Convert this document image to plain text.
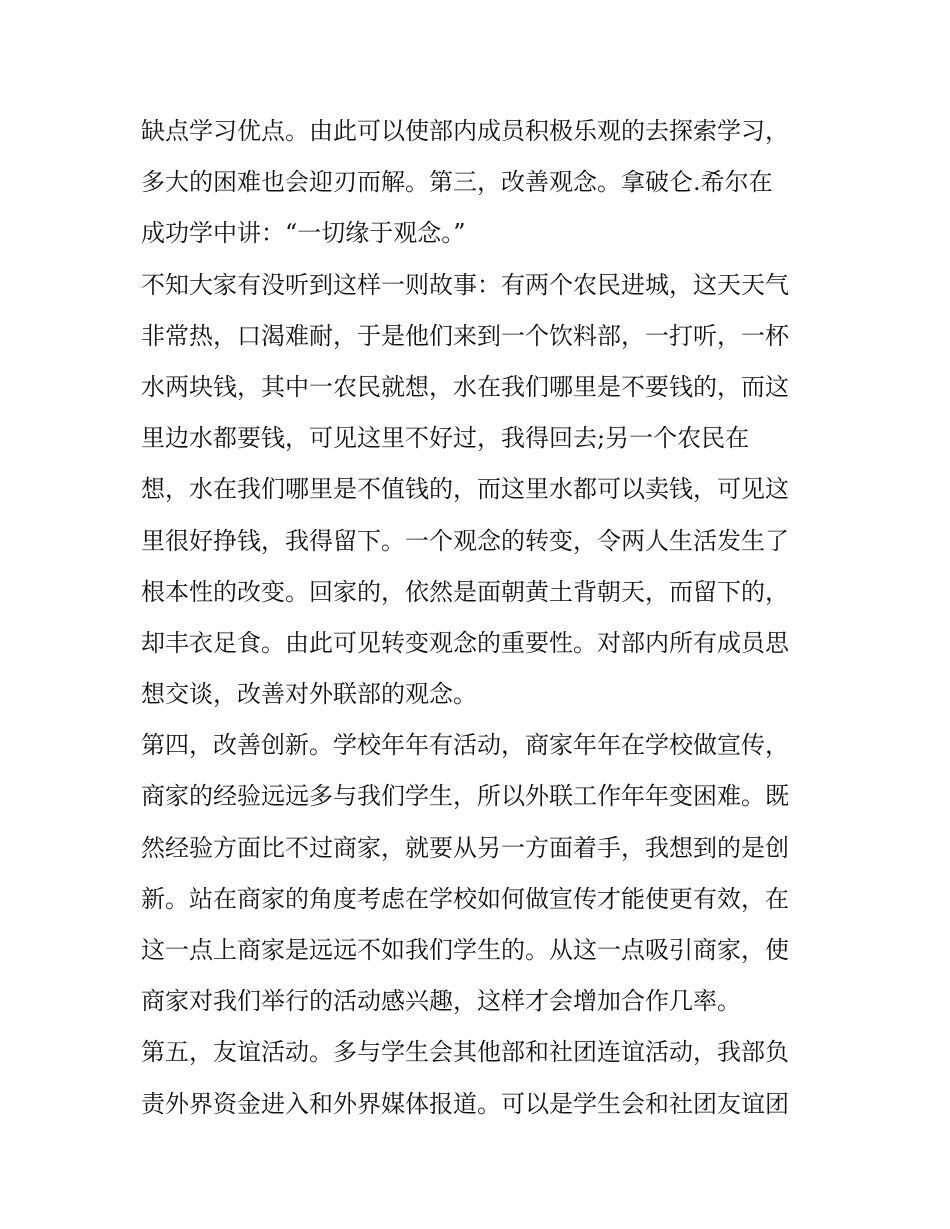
缺点学习优点。由此可以使部内成员积极乐观的去探索学习，
多大的困难也会迎刃而解。第三，改善观念。拿破仑.希尔在
成功学中讲：“一切缘于观念。”
不知大家有没听到这样一则故事：有两个农民进城，这天天气
非常热，口渴难耐，于是他们来到一个饮料部，一打听，一杯
水两块钱，其中一农民就想，水在我们哪里是不要钱的，而这
里边水都要钱，可见这里不好过，我得回去;另一个农民在
想，水在我们哪里是不值钱的，而这里水都可以卖钱，可见这
里很好挣钱，我得留下。一个观念的转变，令两人生活发生了
根本性的改变。回家的，依然是面朝黄土背朝天，而留下的，
却丰衣足食。由此可见转变观念的重要性。对部内所有成员思
想交谈，改善对外联部的观念。
第四，改善创新。学校年年有活动，商家年年在学校做宣传，
商家的经验远远多与我们学生，所以外联工作年年变困难。既
然经验方面比不过商家，就要从另一方面着手，我想到的是创
新。站在商家的角度考虑在学校如何做宣传才能使更有效，在
这一点上商家是远远不如我们学生的。从这一点吸引商家，使
商家对我们举行的活动感兴趣，这样才会增加合作几率。
第五，友谊活动。多与学生会其他部和社团连谊活动，我部负
责外界资金进入和外界媒体报道。可以是学生会和社团友谊团
